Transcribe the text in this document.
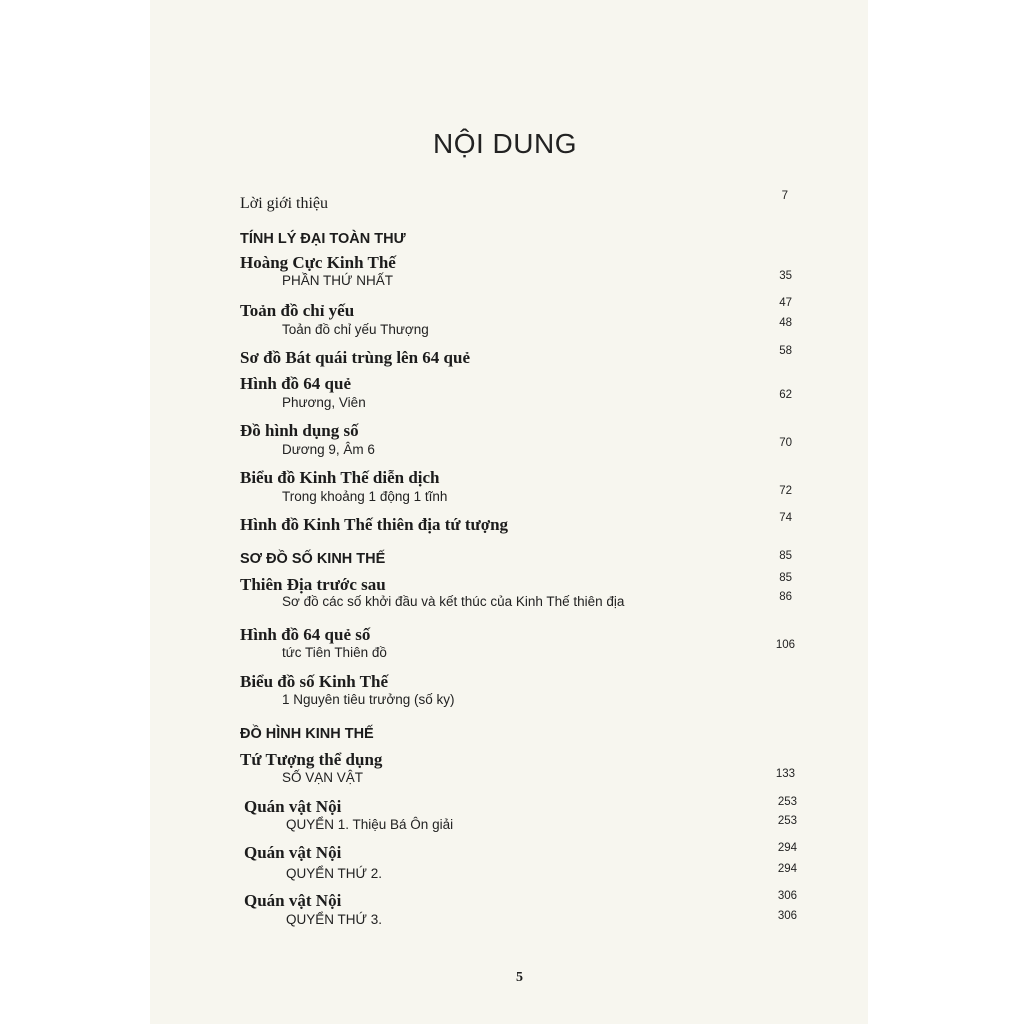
NỘI DUNG
Lời giới thiệu	7
TÍNH LÝ ĐẠI TOÀN THƯ
Hoàng Cực Kinh Thế
PHẦN THỨ NHẤT	35
Toản đồ chỉ yếu	47
Toản đồ chỉ yếu Thượng	48
Sơ đồ Bát quái trùng lên 64 quẻ	58
Hình đồ 64 quẻ
Phương, Viên	62
Đồ hình dụng số
Dương 9, Âm 6	70
Biểu đồ Kinh Thế diễn dịch
Trong khoảng 1 động 1 tĩnh	72
Hình đồ Kinh Thế thiên địa tứ tượng	74
SƠ ĐỒ SỐ KINH THẾ	85
Thiên Địa trước sau	85
Sơ đồ các số khởi đầu và kết thúc của Kinh Thế thiên địa	86
Hình đồ 64 quẻ số
tức Tiên Thiên đồ	106
Biểu đồ số Kinh Thế
1 Nguyên tiêu trưởng (số ky)
ĐỒ HÌNH KINH THẾ
Tứ Tượng thể dụng
SỐ VẠN VẬT	133
Quán vật Nội	253
QUYỂN 1. Thiệu Bá Ôn giải	253
Quán vật Nội	294
QUYỂN THỨ 2.	294
Quán vật Nội	306
QUYỂN THỨ 3.	306
5
